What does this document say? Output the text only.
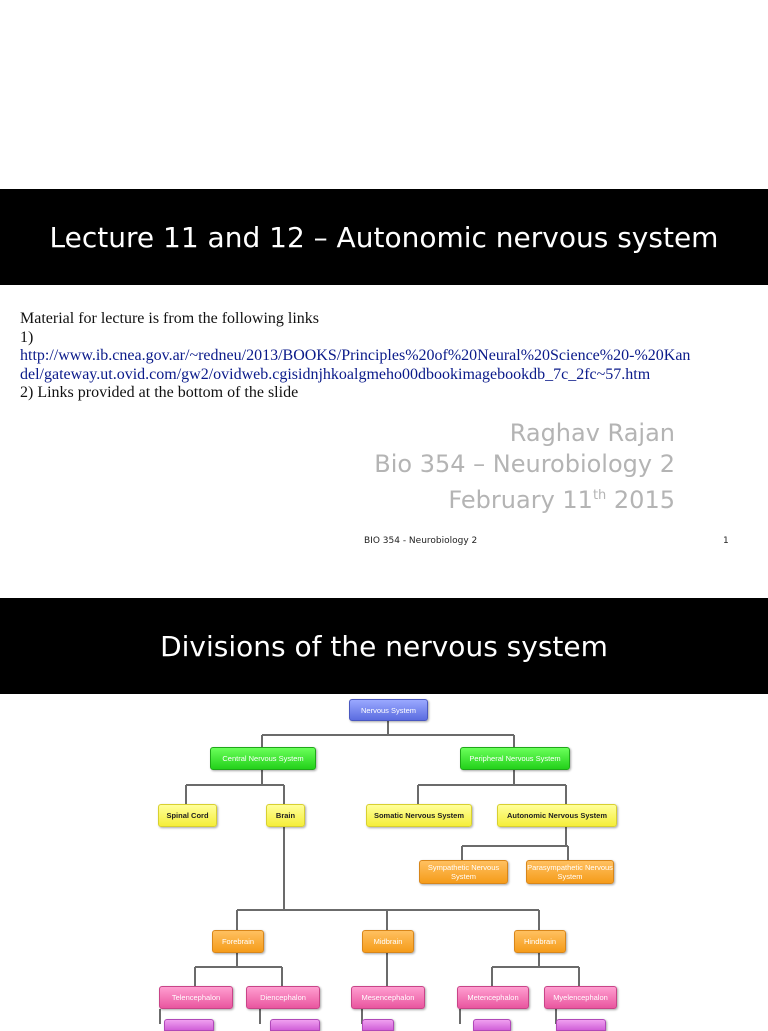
Lecture 11 and 12 – Autonomic nervous system
Material for lecture is from the following links
1)
http://www.ib.cnea.gov.ar/~redneu/2013/BOOKS/Principles%20of%20Neural%20Science%20-%20Kan
del/gateway.ut.ovid.com/gw2/ovidweb.cgisidnjhkoalgmeho00dbookimagebookdb_7c_2fc~57.htm
2) Links provided at the bottom of the slide
Raghav Rajan
Bio 354 – Neurobiology 2
February 11th 2015
BIO 354 - Neurobiology 2	1
Divisions of the nervous system
Nervous System
Central Nervous System	Peripheral Nervous System
Spinal Cord	Brain	Somatic Nervous System	Autonomic Nervous System
Sympathetic Nervous System
Parasympathetic Nervous System
Forebrain	Midbrain	Hindbrain
Telencephalon	Diencephalon	Mesencephalon	Metencephalon	Myelencephalon
